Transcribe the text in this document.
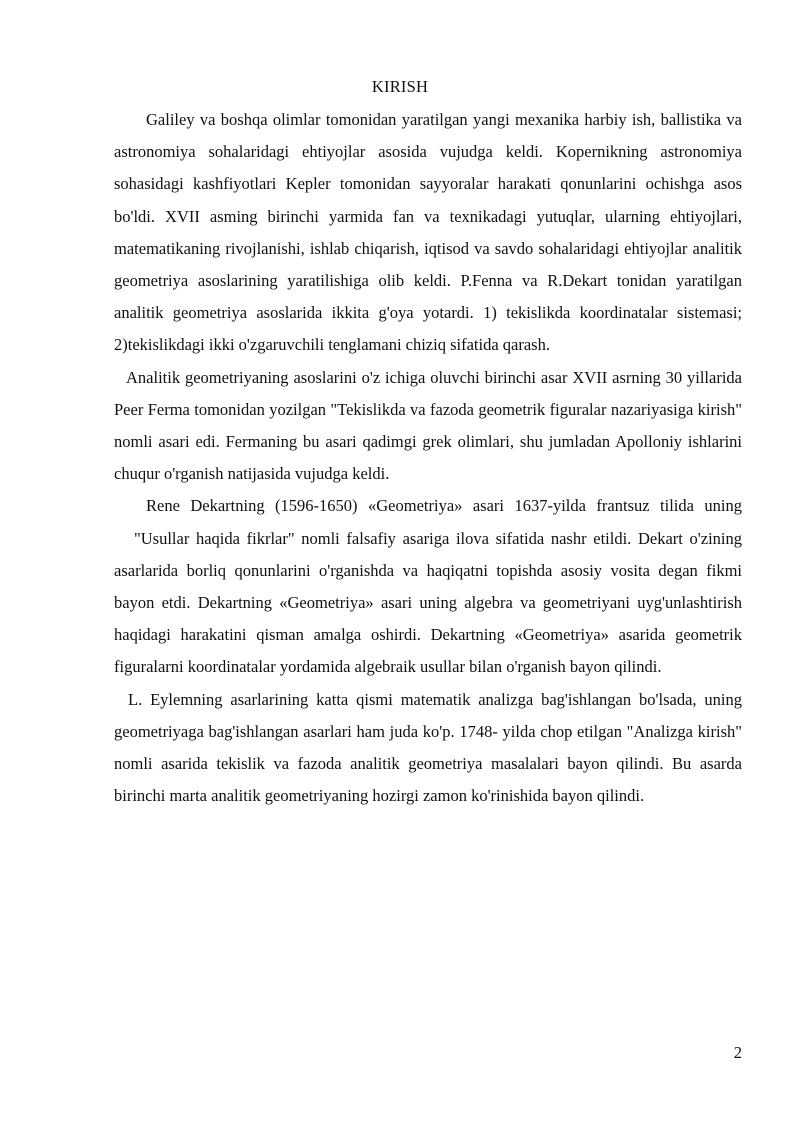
KIRISH

Galiley va boshqa olimlar tomonidan yaratilgan yangi mexanika harbiy ish, ballistika va astronomiya sohalaridagi ehtiyojlar asosida vujudga keldi. Kopernikning astronomiya sohasidagi kashfiyotlari Kepler tomonidan sayyoralar harakati qonunlarini ochishga asos bo'ldi. XVII asming birinchi yarmida fan va texnikadagi yutuqlar, ularning ehtiyojlari, matematikaning rivojlanishi, ishlab chiqarish, iqtisod va savdo sohalaridagi ehtiyojlar analitik geometriya asoslarining yaratilishiga olib keldi. P.Fenna va R.Dekart tonidan yaratilgan analitik geometriya asoslarida ikkita g'oya yotardi. 1) tekislikda koordinatalar sistemasi; 2)tekislikdagi ikki o'zgaruvchili tenglamani chiziq sifatida qarash.

Analitik geometriyaning asoslarini o'z ichiga oluvchi birinchi asar XVII asrning 30 yillarida Peer Ferma tomonidan yozilgan "Tekislikda va fazoda geometrik figuralar nazariyasiga kirish" nomli asari edi. Fermaning bu asari qadimgi grek olimlari, shu jumladan Apolloniy ishlarini chuqur o'rganish natijasida vujudga keldi.

Rene Dekartning (1596-1650) «Geometriya» asari 1637-yilda frantsuz tilida uning    "Usullar haqida fikrlar" nomli falsafiy asariga ilova sifatida nashr etildi. Dekart o'zining asarlarida borliq qonunlarini o'rganishda va haqiqatni topishda asosiy vosita degan fikmi bayon etdi. Dekartning «Geometriya» asari uning algebra va geometriyani uyg'unlashtirish haqidagi harakatini qisman amalga oshirdi. Dekartning «Geometriya» asarida geometrik figuralarni koordinatalar yordamida algebraik usullar bilan o'rganish bayon qilindi.

L. Eylemning asarlarining katta qismi matematik analizga bag'ishlangan bo'lsada, uning geometriyaga bag'ishlangan asarlari ham juda ko'p. 1748- yilda chop etilgan "Analizga kirish" nomli asarida tekislik va fazoda analitik geometriya masalalari bayon qilindi. Bu asarda birinchi marta analitik geometriyaning hozirgi zamon ko'rinishida bayon qilindi.

2
